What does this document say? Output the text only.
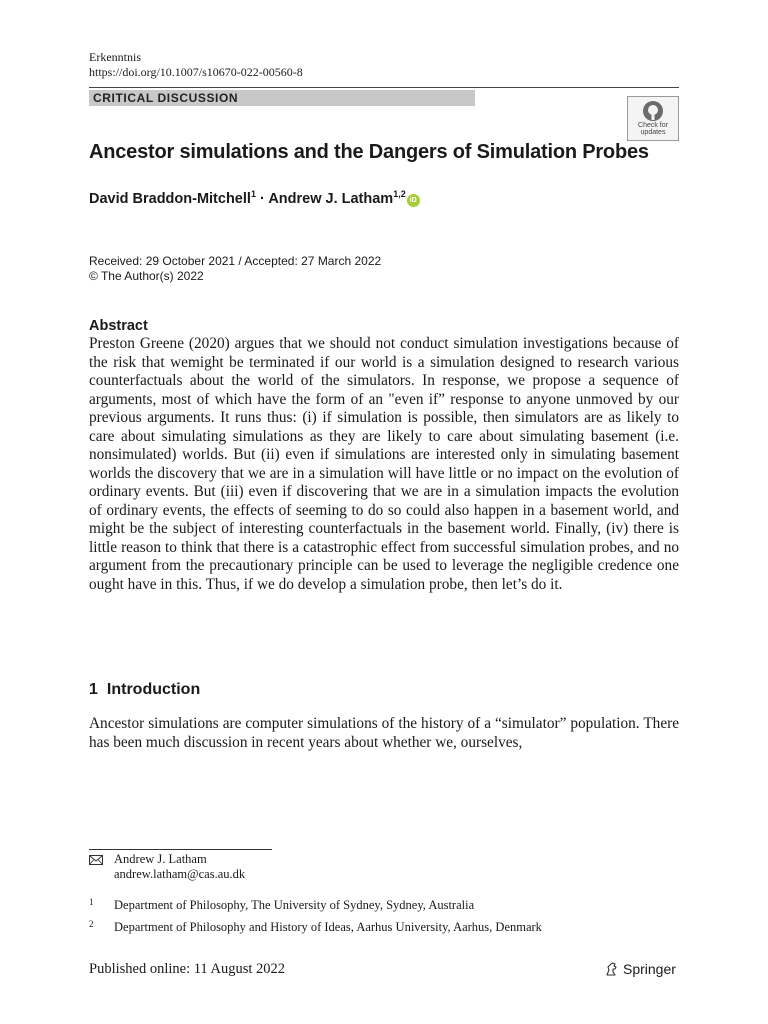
Erkenntnis
https://doi.org/10.1007/s10670-022-00560-8
CRITICAL DISCUSSION
Check for
updates
Ancestor simulations and the Dangers of Simulation Probes
David Braddon-Mitchell$^1$ · Andrew J. Latham$^{1,2}$iD
Received: 29 October 2021 / Accepted: 27 March 2022
© The Author(s) 2022
Abstract
Preston Greene (2020) argues that we should not conduct simulation investigations because of the risk that wemight be terminated if our world is a simulation designed to research various counterfactuals about the world of the simulators. In response, we propose a sequence of arguments, most of which have the form of an "even if” response to anyone unmoved by our previous arguments. It runs thus: (i) if simulation is possible, then simulators are as likely to care about simulating simulations as they are likely to care about simulating basement (i.e. nonsimulated) worlds. But (ii) even if simulations are interested only in simulating basement worlds the discovery that we are in a simulation will have little or no impact on the evolution of ordinary events. But (iii) even if discovering that we are in a simulation impacts the evolution of ordinary events, the effects of seeming to do so could also happen in a basement world, and might be the subject of interesting counterfactuals in the basement world. Finally, (iv) there is little reason to think that there is a catastrophic effect from successful simulation probes, and no argument from the precautionary principle can be used to leverage the negligible credence one ought have in this. Thus, if we do develop a simulation probe, then let’s do it.
1 Introduction
Ancestor simulations are computer simulations of the history of a “simulator” population. There has been much discussion in recent years about whether we, ourselves,
Andrew J. Latham
andrew.latham@cas.au.dk
1 Department of Philosophy, The University of Sydney, Sydney, Australia
2 Department of Philosophy and History of Ideas, Aarhus University, Aarhus, Denmark
Published online: 11 August 2022	Springer
